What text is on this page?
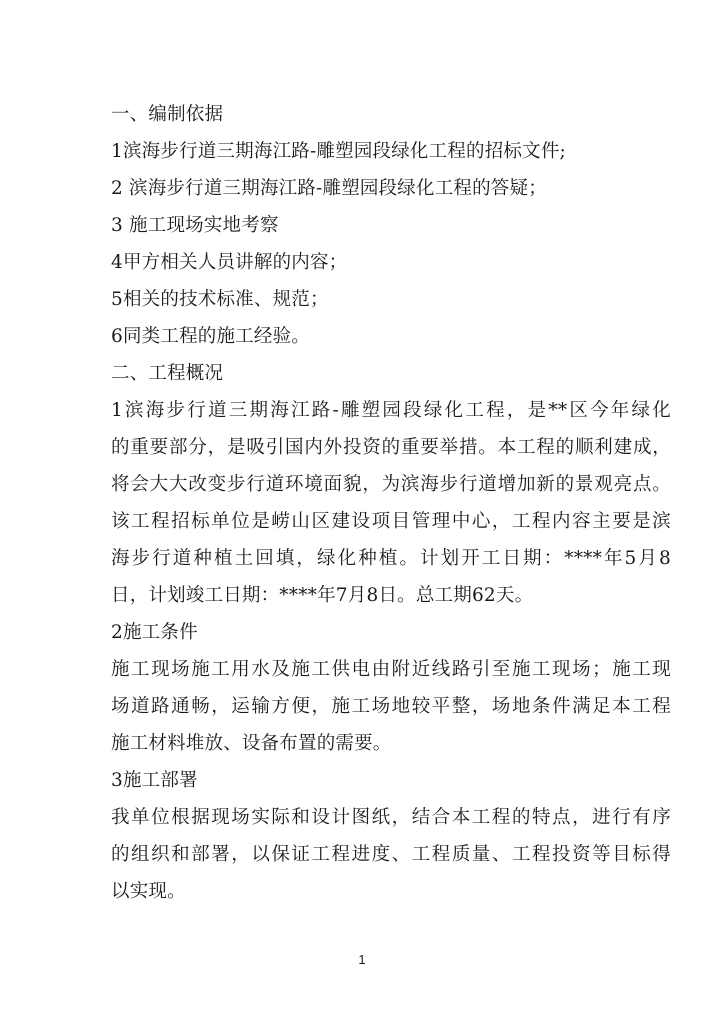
一、编制依据
1滨海步行道三期海江路-雕塑园段绿化工程的招标文件;
2 滨海步行道三期海江路-雕塑园段绿化工程的答疑；
3 施工现场实地考察
4甲方相关人员讲解的内容；
5相关的技术标准、规范；
6同类工程的施工经验。
二、工程概况
1滨海步行道三期海江路-雕塑园段绿化工程，是**区今年绿化
的重要部分，是吸引国内外投资的重要举措。本工程的顺利建成，
将会大大改变步行道环境面貌，为滨海步行道增加新的景观亮点。
该工程招标单位是崂山区建设项目管理中心，工程内容主要是滨
海步行道种植土回填，绿化种植。计划开工日期：****年5月8
日，计划竣工日期：****年7月8日。总工期62天。
2施工条件
施工现场施工用水及施工供电由附近线路引至施工现场；施工现
场道路通畅，运输方便，施工场地较平整，场地条件满足本工程
施工材料堆放、设备布置的需要。
3施工部署
我单位根据现场实际和设计图纸，结合本工程的特点，进行有序
的组织和部署，以保证工程进度、工程质量、工程投资等目标得
以实现。
1
